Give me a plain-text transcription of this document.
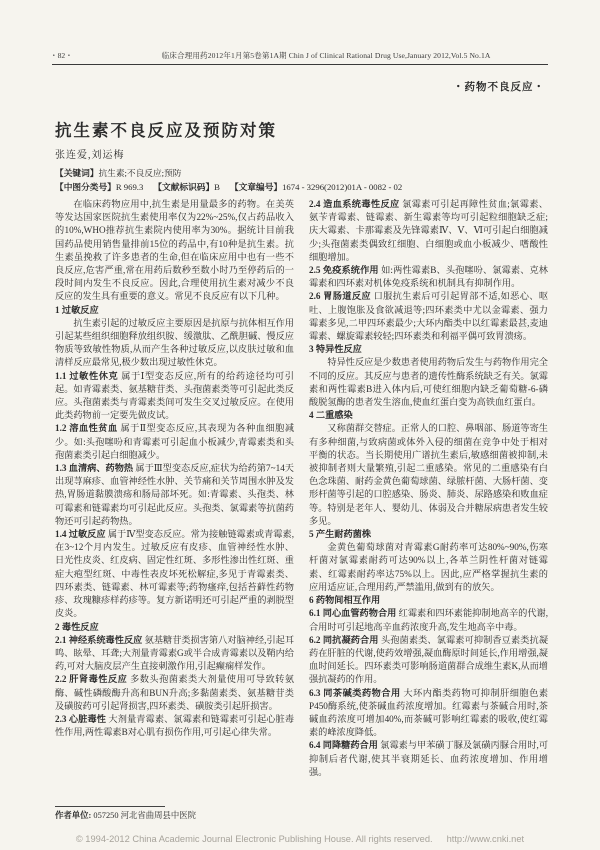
・82・	临床合理用药2012年1月第5卷第1A期 Chin J of Clinical Rational Drug Use,January 2012,Vol.5 No.1A
・药物不良反应・
抗生素不良反应及预防对策
张连爱,刘运梅
【关键词】抗生素;不良反应;预防
【中图分类号】R 969.3 【文献标识码】B 【文章编号】1674 - 3296(2012)01A - 0082 - 02

在临床药物应用中,抗生素是用量最多的药物。在美英等发达国家医院抗生素使用率仅为22%~25%,仅占药品收入的10%,WHO推荐抗生素院内使用率为30%。据统计目前我国药品使用销售量排前15位的药品中,有10种是抗生素。抗生素虽挽救了许多患者的生命,但在临床应用中也有一些不良反应,危害严重,常在用药后数秒至数小时乃至停药后的一段时间内发生不良反应。因此,合理使用抗生素对减少不良反应的发生具有重要的意义。常见不良反应有以下几种。

1 过敏反应

抗生素引起的过敏反应主要原因是抗原与抗体相互作用引起某些组织细胞释放组织胺、缓激肽、乙酰胆碱、慢反应物质等致敏性物质,从而产生各种过敏反应,以皮肤过敏和血清样反应最常见,极少数出现过敏性休克。

1.1 过敏性休克 属于Ⅰ型变态反应,所有的给药途径均可引起。如青霉素类、氨基糖苷类、头孢菌素类等可引起此类反应。头孢菌素类与青霉素类间可发生交叉过敏反应。在使用此类药物前一定要先做皮试。

1.2 溶血性贫血 属于Ⅱ型变态反应,其表现为各种血细胞减少。如:头孢噻吩和青霉素可引起血小板减少,青霉素类和头孢菌素类引起白细胞减少。

1.3 血清病、药物热 属于Ⅲ型变态反应,症状为给药第7~14天出现荨麻疹、血管神经性水肿、关节痛和关节周围水肿及发热,胃肠道黏膜溃疡和肠局部坏死。如:青霉素、头孢类、林可霉素和链霉素均可引起此反应。头孢类、氯霉素等抗菌药物还可引起药物热。

1.4 过敏反应 属于Ⅳ型变态反应。常为接触链霉素或青霉素,在3~12个月内发生。过敏反应有皮疹、血管神经性水肿、日光性皮炎、红皮病、固定性红斑、多形性渗出性红斑、重症大疱型红斑、中毒性表皮坏死松解症,多见于青霉素类、四环素类、链霉素、林可霉素等;药物瘙痒,包括苔藓性药物疹、玫瑰糠疹样药疹等。复方新诺明还可引起严重的剥脱型皮炎。

2 毒性反应

2.1 神经系统毒性反应 氨基糖苷类损害第八对脑神经,引起耳鸣、眩晕、耳聋;大剂量青霉素G或半合成青霉素以及鞘内给药,可对大脑皮层产生直接刺激作用,引起癫痫样发作。

2.2 肝肾毒性反应 多数头孢菌素类大剂量使用可导致转氨酶、碱性磷酸酶升高和BUN升高;多黏菌素类、氨基糖苷类及磺胺药可引起肾损害,四环素类、磺胺类引起肝损害。

2.3 心脏毒性 大剂量青霉素、氯霉素和链霉素可引起心脏毒性作用,两性霉素B对心肌有损伤作用,可引起心律失常。

作者单位: 057250 河北省曲周县中医院

2.4 造血系统毒性反应 氯霉素可引起再障性贫血;氯霉素、氨苄青霉素、链霉素、新生霉素等均可引起粒细胞缺乏症;庆大霉素、卡那霉素及先锋霉素Ⅳ、Ⅴ、Ⅵ可引起白细胞减少;头孢菌素类偶致红细胞、白细胞或血小板减少、嗜酸性细胞增加。

2.5 免疫系统作用 如:两性霉素B、头孢噻吩、氯霉素、克林霉素和四环素对机体免疫系统和机制具有抑制作用。

2.6 胃肠道反应 口服抗生素后可引起胃部不适,如恶心、呕吐、上腹饱胀及食欲减退等;四环素类中尤以金霉素、强力霉素多见,二甲四环素最少;大环内酯类中以红霉素最甚,麦迪霉素、螺旋霉素较轻;四环素类和利福平偶可致胃溃疡。

3 特异性反应

特异性反应是少数患者使用药物后发生与药物作用完全不同的反应。其反应与患者的遗传性酶系统缺乏有关。氯霉素和两性霉素B进入体内后,可使红细胞内缺乏葡萄糖-6-磷酸脱氢酶的患者发生溶血,使血红蛋白变为高铁血红蛋白。

4 二重感染

又称菌群交替症。正常人的口腔、鼻咽部、肠道等寄生有多种细菌,与致病菌或体外入侵的细菌在竞争中处于相对平衡的状态。当长期使用广谱抗生素后,敏感细菌被抑制,未被抑制者则大量繁殖,引起二重感染。常见的二重感染有白色念珠菌、耐药金黄色葡萄球菌、绿脓杆菌、大肠杆菌、变形杆菌等引起的口腔感染、肠炎、肺炎、尿路感染和败血症等。特别是老年人、婴幼儿、体弱及合并糖尿病患者发生较多见。

5 产生耐药菌株

金黄色葡萄球菌对青霉素G耐药率可达80%~90%,伤寒杆菌对氯霉素耐药可达90%以上,各革兰阴性杆菌对链霉素、红霉素耐药率达75%以上。因此,应严格掌握抗生素的应用适应证,合理用药,严禁滥用,做到有的放矢。

6 药物间相互作用

6.1 同心血管药物合用 红霉素和四环素能抑制地高辛的代谢,合用时可引起地高辛血药浓度升高,发生地高辛中毒。

6.2 同抗凝药合用 头孢菌素类、氯霉素可抑制香豆素类抗凝药在肝脏的代谢,使药效增强,凝血酶原时间延长,作用增强,凝血时间延长。四环素类可影响肠道菌群合成维生素K,从而增强抗凝药的作用。

6.3 同茶碱类药物合用 大环内酯类药物可抑制肝细胞色素P450酶系统,使茶碱血药浓度增加。红霉素与茶碱合用时,茶碱血药浓度可增加40%,而茶碱可影响红霉素的吸收,使红霉素的峰浓度降低。

6.4 同降糖药合用 氯霉素与甲苯磺丁脲及氯磺丙脲合用时,可抑制后者代谢,使其半衰期延长、血药浓度增加、作用增强。

© 1994-2012 China Academic Journal Electronic Publishing House. All rights reserved. http://www.cnki.net
